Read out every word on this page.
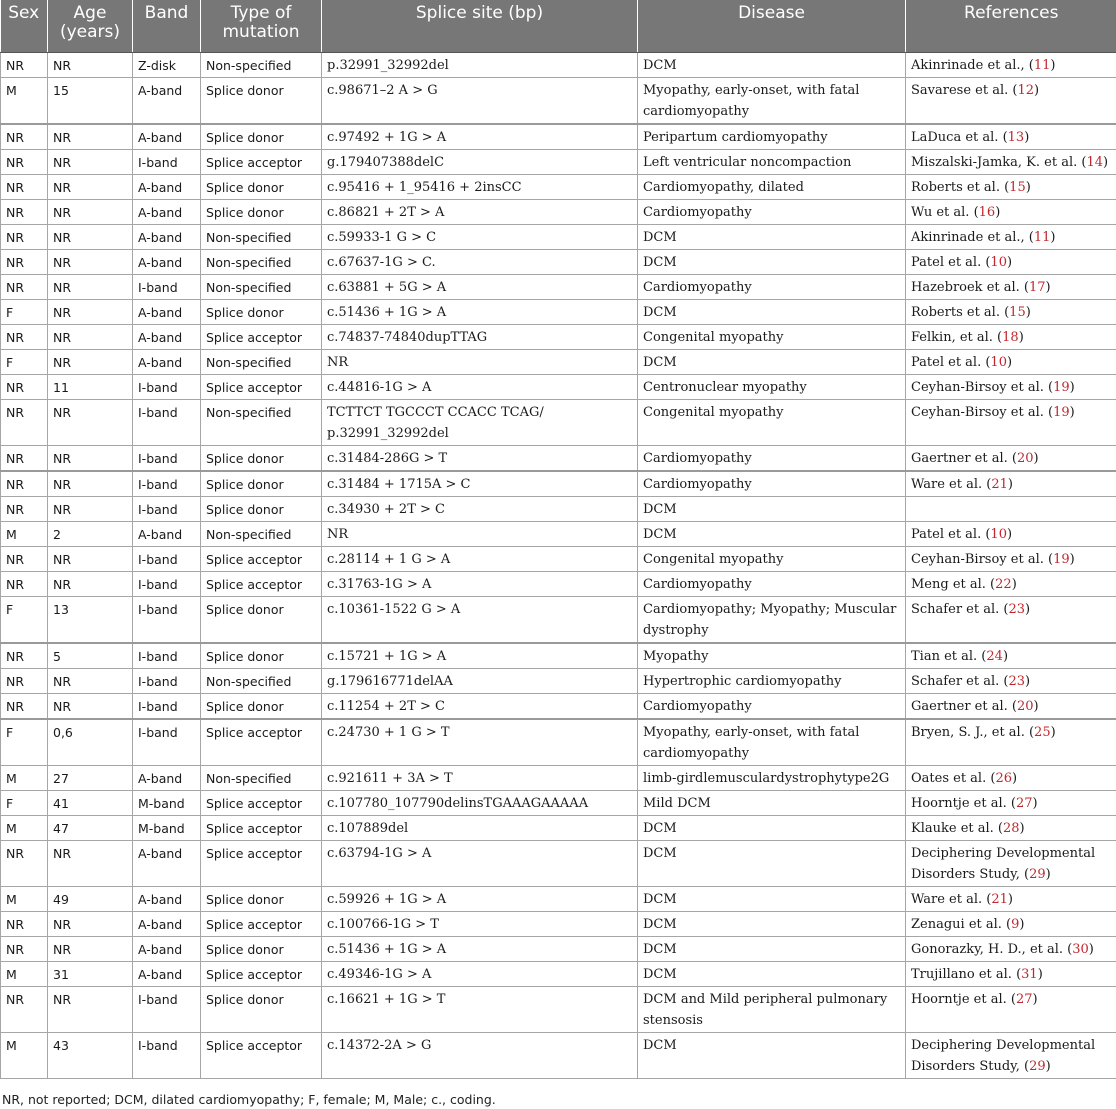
Sex	Age (years)	Band	Type of mutation	Splice site (bp)	Disease	References
NR	NR	Z-disk	Non-specified	p.32991_32992del	DCM	Akinrinade et al., (11)
M	15	A-band	Splice donor	c.98671–2 A > G	Myopathy, early-onset, with fatal cardiomyopathy	Savarese et al. (12)
NR	NR	A-band	Splice donor	c.97492 + 1G > A	Peripartum cardiomyopathy	LaDuca et al. (13)
NR	NR	I-band	Splice acceptor	g.179407388delC	Left ventricular noncompaction	Miszalski-Jamka, K. et al. (14)
NR	NR	A-band	Splice donor	c.95416 + 1_95416 + 2insCC	Cardiomyopathy, dilated	Roberts et al. (15)
NR	NR	A-band	Splice donor	c.86821 + 2T > A	Cardiomyopathy	Wu et al. (16)
NR	NR	A-band	Non-specified	c.59933-1 G > C	DCM	Akinrinade et al., (11)
NR	NR	A-band	Non-specified	c.67637-1G > C.	DCM	Patel et al. (10)
NR	NR	I-band	Non-specified	c.63881 + 5G > A	Cardiomyopathy	Hazebroek et al. (17)
F	NR	A-band	Splice donor	c.51436 + 1G > A	DCM	Roberts et al. (15)
NR	NR	A-band	Splice acceptor	c.74837-74840dupTTAG	Congenital myopathy	Felkin, et al. (18)
F	NR	A-band	Non-specified	NR	DCM	Patel et al. (10)
NR	11	I-band	Splice acceptor	c.44816-1G > A	Centronuclear myopathy	Ceyhan-Birsoy et al. (19)
NR	NR	I-band	Non-specified	TCTTCT TGCCCT CCACC TCAG/ p.32991_32992del	Congenital myopathy	Ceyhan-Birsoy et al. (19)
NR	NR	I-band	Splice donor	c.31484-286G > T	Cardiomyopathy	Gaertner et al. (20)
NR	NR	I-band	Splice donor	c.31484 + 1715A > C	Cardiomyopathy	Ware et al. (21)
NR	NR	I-band	Splice donor	c.34930 + 2T > C	DCM	
M	2	A-band	Non-specified	NR	DCM	Patel et al. (10)
NR	NR	I-band	Splice acceptor	c.28114 + 1 G > A	Congenital myopathy	Ceyhan-Birsoy et al. (19)
NR	NR	I-band	Splice acceptor	c.31763-1G > A	Cardiomyopathy	Meng et al. (22)
F	13	I-band	Splice donor	c.10361-1522 G > A	Cardiomyopathy; Myopathy; Muscular dystrophy	Schafer et al. (23)
NR	5	I-band	Splice donor	c.15721 + 1G > A	Myopathy	Tian et al. (24)
NR	NR	I-band	Non-specified	g.179616771delAA	Hypertrophic cardiomyopathy	Schafer et al. (23)
NR	NR	I-band	Splice donor	c.11254 + 2T > C	Cardiomyopathy	Gaertner et al. (20)
F	0,6	I-band	Splice acceptor	c.24730 + 1 G > T	Myopathy, early-onset, with fatal cardiomyopathy	Bryen, S. J., et al. (25)
M	27	A-band	Non-specified	c.921611 + 3A > T	limb-girdlemusculardystrophytype2G	Oates et al. (26)
F	41	M-band	Splice acceptor	c.107780_107790delinsTGAAAGAAAAA	Mild DCM	Hoorntje et al. (27)
M	47	M-band	Splice acceptor	c.107889del	DCM	Klauke et al. (28)
NR	NR	A-band	Splice acceptor	c.63794-1G > A	DCM	Deciphering Developmental Disorders Study, (29)
M	49	A-band	Splice donor	c.59926 + 1G > A	DCM	Ware et al. (21)
NR	NR	A-band	Splice acceptor	c.100766-1G > T	DCM	Zenagui et al. (9)
NR	NR	A-band	Splice donor	c.51436 + 1G > A	DCM	Gonorazky, H. D., et al. (30)
M	31	A-band	Splice acceptor	c.49346-1G > A	DCM	Trujillano et al. (31)
NR	NR	I-band	Splice donor	c.16621 + 1G > T	DCM and Mild peripheral pulmonary stensosis	Hoorntje et al. (27)
M	43	I-band	Splice acceptor	c.14372-2A > G	DCM	Deciphering Developmental Disorders Study, (29)
NR, not reported; DCM, dilated cardiomyopathy; F, female; M, Male; c., coding.
